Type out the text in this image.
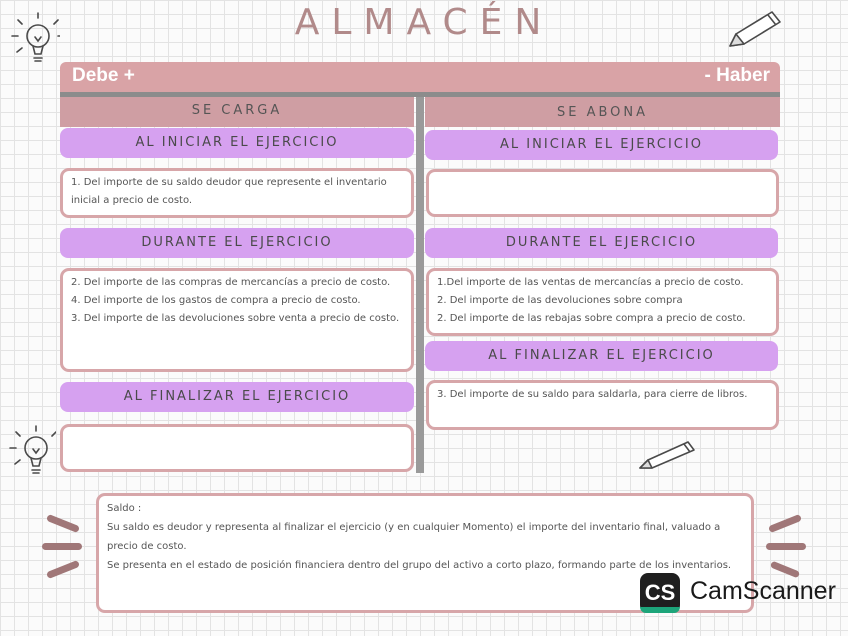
ALMACÉN
Debe +	- Haber
SE CARGA
AL INICIAR EL EJERCICIO
1. Del importe de su saldo deudor que represente el inventario inicial a precio de costo.
DURANTE EL EJERCICIO
2. Del importe de las compras de mercancías a precio de costo.
4. Del importe de los gastos de compra a precio de costo.
3. Del importe de las devoluciones sobre venta a precio de costo.
AL FINALIZAR EL EJERCICIO
SE ABONA
AL INICIAR EL EJERCICIO
DURANTE EL EJERCICIO
1.Del importe de las ventas de mercancías a precio de costo.
2. Del importe de las devoluciones sobre compra
2. Del importe de las rebajas sobre compra a precio de costo.
AL FINALIZAR EL EJERCICIO
3. Del importe de su saldo para saldarla, para cierre de libros.
Saldo :
Su saldo es deudor y representa al finalizar el ejercicio (y en cualquier Momento) el importe del inventario final, valuado a precio de costo.
Se presenta en el estado de posición financiera dentro del grupo del activo a corto plazo, formando parte de los inventarios.
CS CamScanner
